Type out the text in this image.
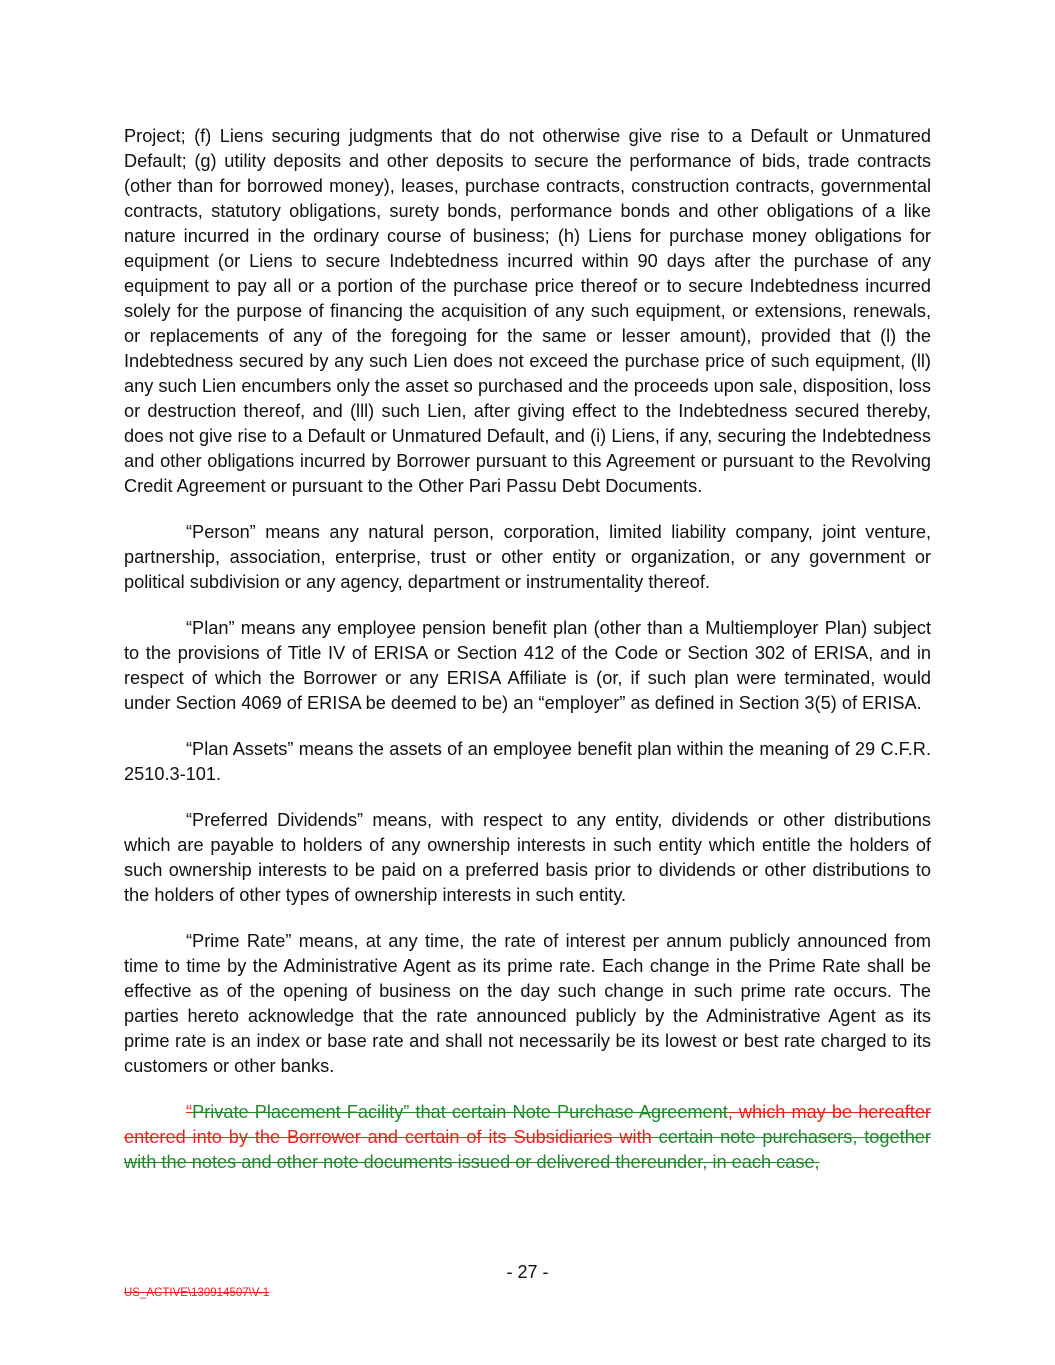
Project; (f) Liens securing judgments that do not otherwise give rise to a Default or Unmatured Default; (g) utility deposits and other deposits to secure the performance of bids, trade contracts (other than for borrowed money), leases, purchase contracts, construction contracts, governmental contracts, statutory obligations, surety bonds, performance bonds and other obligations of a like nature incurred in the ordinary course of business; (h) Liens for purchase money obligations for equipment (or Liens to secure Indebtedness incurred within 90 days after the purchase of any equipment to pay all or a portion of the purchase price thereof or to secure Indebtedness incurred solely for the purpose of financing the acquisition of any such equipment, or extensions, renewals, or replacements of any of the foregoing for the same or lesser amount), provided that (l) the Indebtedness secured by any such Lien does not exceed the purchase price of such equipment, (ll) any such Lien encumbers only the asset so purchased and the proceeds upon sale, disposition, loss or destruction thereof, and (lll) such Lien, after giving effect to the Indebtedness secured thereby, does not give rise to a Default or Unmatured Default, and (i) Liens, if any, securing the Indebtedness and other obligations incurred by Borrower pursuant to this Agreement or pursuant to the Revolving Credit Agreement or pursuant to the Other Pari Passu Debt Documents.

“Person” means any natural person, corporation, limited liability company, joint venture, partnership, association, enterprise, trust or other entity or organization, or any government or political subdivision or any agency, department or instrumentality thereof.

“Plan” means any employee pension benefit plan (other than a Multiemployer Plan) subject to the provisions of Title IV of ERISA or Section 412 of the Code or Section 302 of ERISA, and in respect of which the Borrower or any ERISA Affiliate is (or, if such plan were terminated, would under Section 4069 of ERISA be deemed to be) an “employer” as defined in Section 3(5) of ERISA.

“Plan Assets” means the assets of an employee benefit plan within the meaning of 29 C.F.R. 2510.3-101.

“Preferred Dividends” means, with respect to any entity, dividends or other distributions which are payable to holders of any ownership interests in such entity which entitle the holders of such ownership interests to be paid on a preferred basis prior to dividends or other distributions to the holders of other types of ownership interests in such entity.

“Prime Rate” means, at any time, the rate of interest per annum publicly announced from time to time by the Administrative Agent as its prime rate. Each change in the Prime Rate shall be effective as of the opening of business on the day such change in such prime rate occurs. The parties hereto acknowledge that the rate announced publicly by the Administrative Agent as its prime rate is an index or base rate and shall not necessarily be its lowest or best rate charged to its customers or other banks.

“Private Placement Facility” that certain Note Purchase Agreement, which may be hereafter entered into by the Borrower and certain of its Subsidiaries with certain note purchasers, together with the notes and other note documents issued or delivered thereunder, in each case,

- 27 -
US_ACTIVE\130914507\V-1
